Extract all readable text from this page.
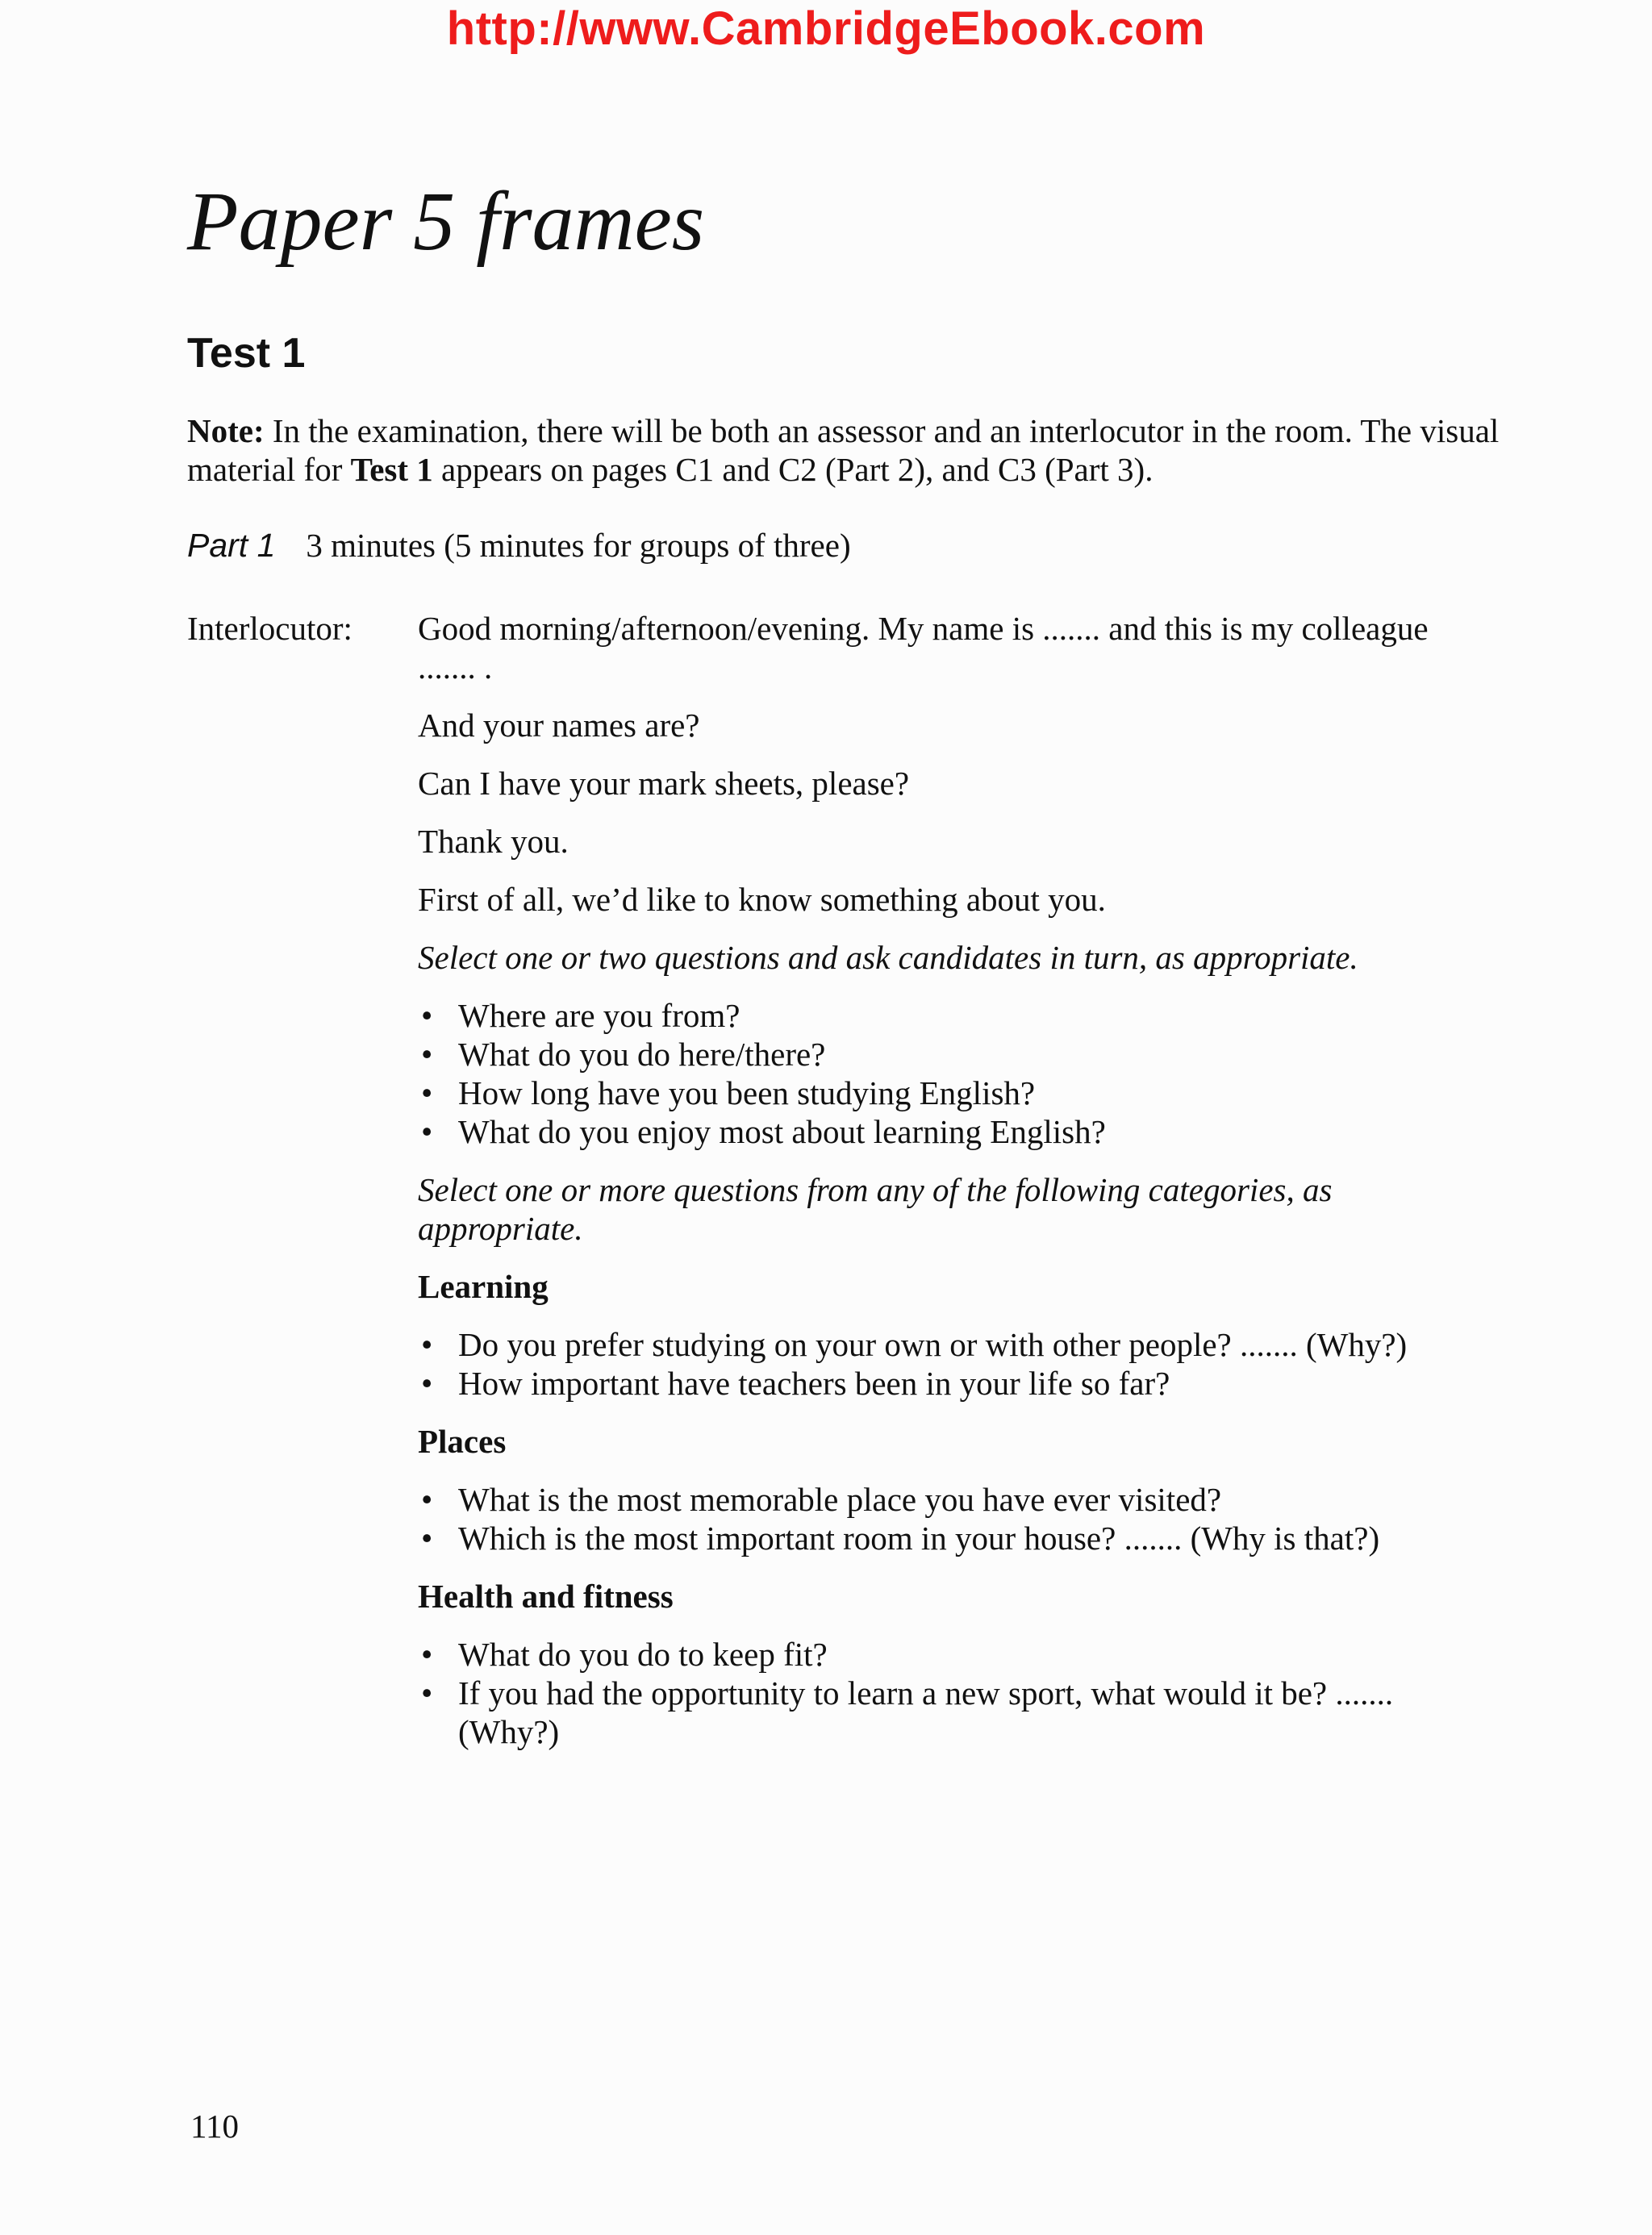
http://www.CambridgeEbook.com
Paper 5 frames
Test 1
Note: In the examination, there will be both an assessor and an interlocutor in the room. The visual material for Test 1 appears on pages C1 and C2 (Part 2), and C3 (Part 3).
Part 1 3 minutes (5 minutes for groups of three)
Interlocutor: Good morning/afternoon/evening. My name is ....... and this is my colleague ....... .

And your names are?

Can I have your mark sheets, please?

Thank you.

First of all, we’d like to know something about you.

Select one or two questions and ask candidates in turn, as appropriate.

• Where are you from?
• What do you do here/there?
• How long have you been studying English?
• What do you enjoy most about learning English?

Select one or more questions from any of the following categories, as appropriate.

Learning

• Do you prefer studying on your own or with other people? ....... (Why?)
• How important have teachers been in your life so far?

Places

• What is the most memorable place you have ever visited?
• Which is the most important room in your house? ....... (Why is that?)

Health and fitness

• What do you do to keep fit?
• If you had the opportunity to learn a new sport, what would it be? ....... (Why?)
110
